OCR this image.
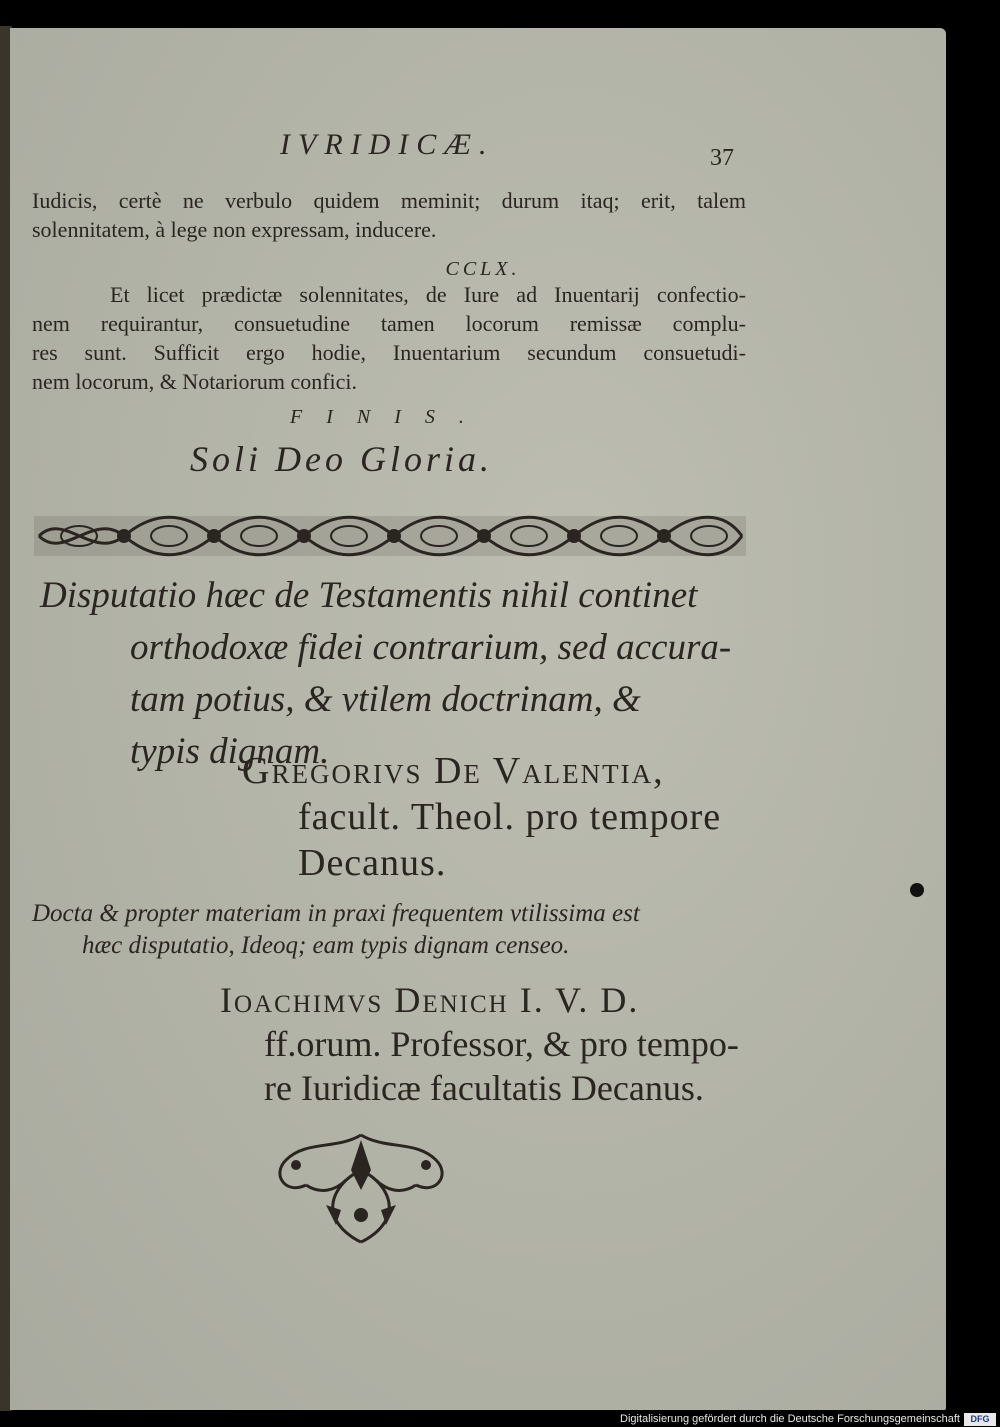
IVRIDICÆ.	37
Iudicis, certè ne verbulo quidem meminit; durum itaq; erit, talem
solennitatem, à lege non expressam, inducere.
CCLX.
Et licet prædictæ solennitates, de Iure ad Inuentarij confectio-
nem requirantur, consuetudine tamen locorum remissæ complu-
res sunt. Sufficit ergo hodie, Inuentarium secundum consuetudi-
nem locorum, & Notariorum confici.
FINIS.
Soli Deo Gloria.
Disputatio hæc de Testamentis nihil continet
orthodoxæ fidei contrarium, sed accura-
tam potius, & vtilem doctrinam, &
typis dignam.
Gregorivs De Valentia,
facult. Theol. pro tempore
Decanus.
Docta & propter materiam in praxi frequentem vtilissima est
hæc disputatio, Ideoq; eam typis dignam censeo.
Ioachimvs Denich I. V. D.
ff.orum. Professor, & pro tempo-
re Iuridicæ facultatis Decanus.
Digitalisierung gefördert durch die Deutsche Forschungsgemeinschaft	DFG
